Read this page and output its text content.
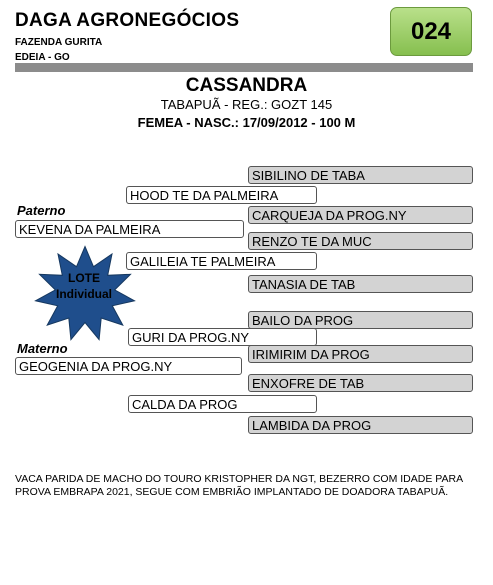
DAGA AGRONEGÓCIOS
FAZENDA GURITA
EDEIA - GO
024
CASSANDRA
TABAPUÃ - REG.: GOZT 145
FEMEA - NASC.: 17/09/2012 - 100 M
SIBILINO DE TABA
CARQUEJA DA PROG.NY
RENZO TE DA MUC
TANASIA DE TAB
BAILO DA PROG
IRIMIRIM DA PROG
ENXOFRE DE TAB
LAMBIDA DA PROG
HOOD TE DA PALMEIRA
GALILEIA TE PALMEIRA
GURI DA PROG.NY
CALDA DA PROG
Paterno
KEVENA DA PALMEIRA
Materno
GEOGENIA DA PROG.NY
LOTE
Individual
VACA PARIDA DE MACHO DO TOURO KRISTOPHER DA NGT, BEZERRO COM IDADE PARA PROVA EMBRAPA 2021, SEGUE COM EMBRIÃO IMPLANTADO DE DOADORA TABAPUÃ.
